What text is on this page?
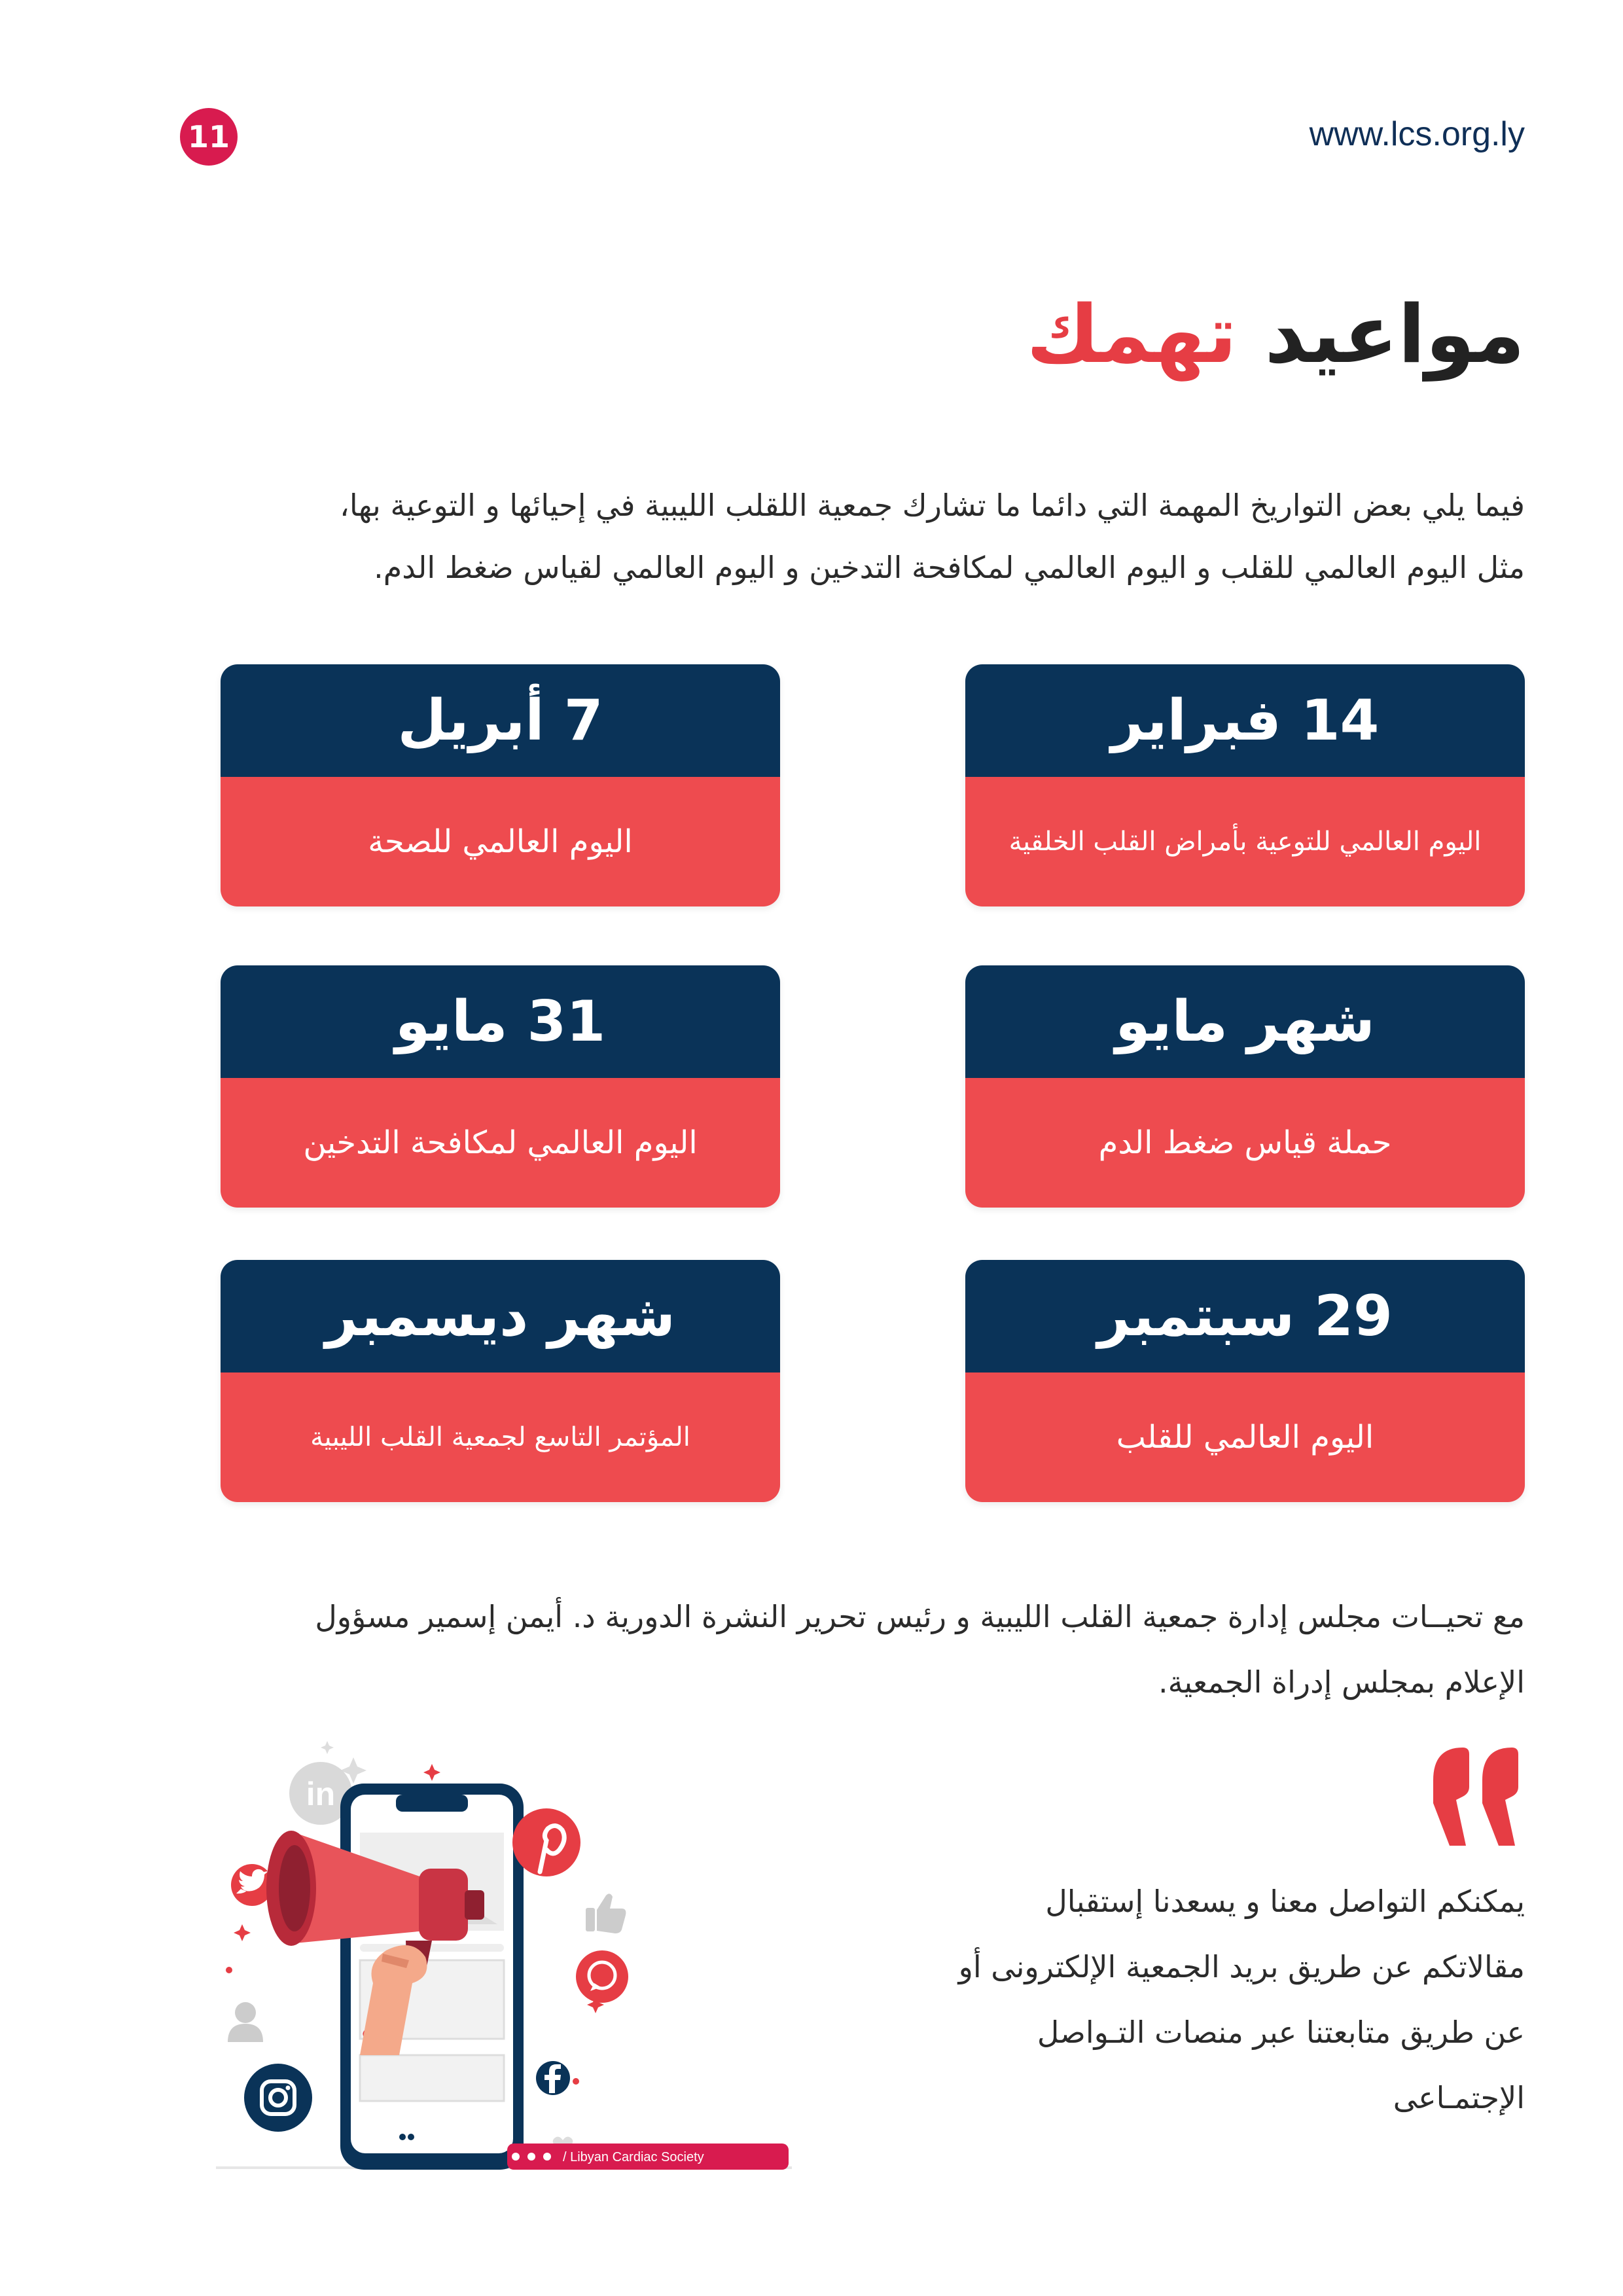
11	www.lcs.org.ly
مواعيد تهمك
فيما يلي بعض التواريخ المهمة التي دائما ما تشارك جمعية اللقلب الليبية في إحيائها و التوعية بها،
مثل اليوم العالمي للقلب و اليوم العالمي لمكافحة التدخين و اليوم العالمي لقياس ضغط الدم.
14 فبراير
اليوم العالمي للتوعية بأمراض القلب الخلقية
شهر مايو
حملة قياس ضغط الدم
29 سبتمبر
اليوم العالمي للقلب
7 أبريل
اليوم العالمي للصحة
31 مايو
اليوم العالمي لمكافحة التدخين
شهر ديسمبر
المؤتمر التاسع لجمعية القلب الليبية
مع تحيــات مجلس إدارة جمعية القلب الليبية و رئيس تحرير النشرة الدورية د. أيمن إسمير مسؤول
الإعلام بمجلس إدراة الجمعية.
يمكنكم التواصل معنا و يسعدنا إستقبال
مقالاتكم عن طريق بريد الجمعية الإلكترونى أو
عن طريق متابعتنا عبر منصات التـواصل
الإجتمـاعى
in
/ Libyan Cardiac Society
